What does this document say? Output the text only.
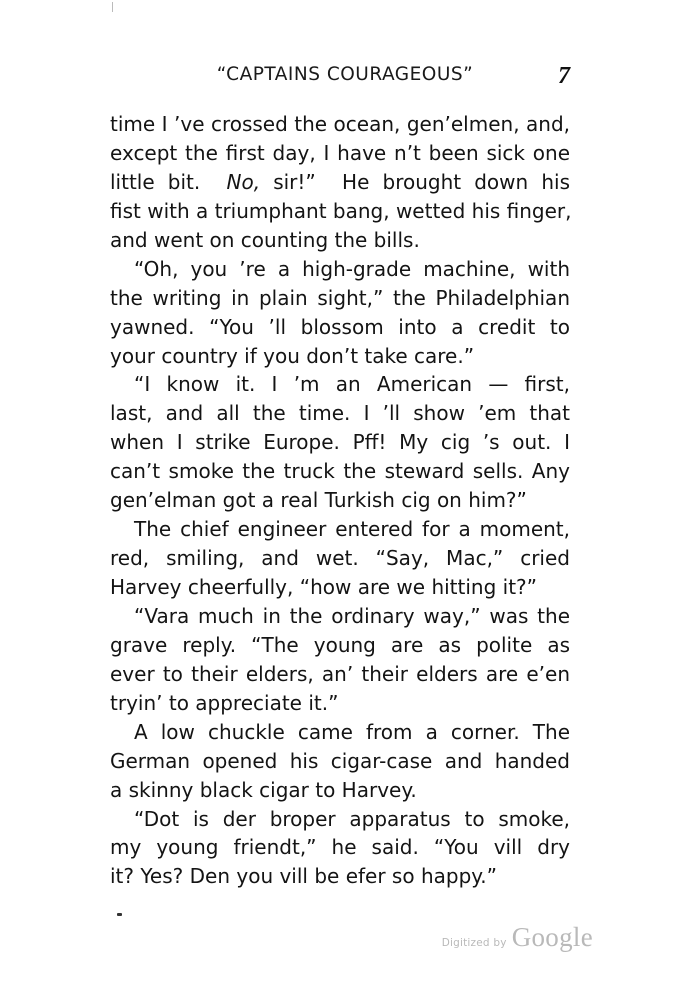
“CAPTAINS COURAGEOUS”	7
time I ’ve crossed the ocean, gen’elmen, and,
except the first day, I have n’t been sick one
little bit.  No, sir!”  He brought down his
fist with a triumphant bang, wetted his finger,
and went on counting the bills.
“Oh, you ’re a high-grade machine, with
the writing in plain sight,” the Philadelphian
yawned. “You ’ll blossom into a credit to
your country if you don’t take care.”
“I know it. I ’m an American — first,
last, and all the time. I ’ll show ’em that
when I strike Europe. Pff! My cig ’s out. I
can’t smoke the truck the steward sells. Any
gen’elman got a real Turkish cig on him?”
The chief engineer entered for a moment,
red, smiling, and wet. “Say, Mac,” cried
Harvey cheerfully, “how are we hitting it?”
“Vara much in the ordinary way,” was the
grave reply. “The young are as polite as
ever to their elders, an’ their elders are e’en
tryin’ to appreciate it.”
A low chuckle came from a corner. The
German opened his cigar-case and handed
a skinny black cigar to Harvey.
“Dot is der broper apparatus to smoke,
my young friendt,” he said. “You vill dry
it? Yes? Den you vill be efer so happy.”
Digitized by Google
